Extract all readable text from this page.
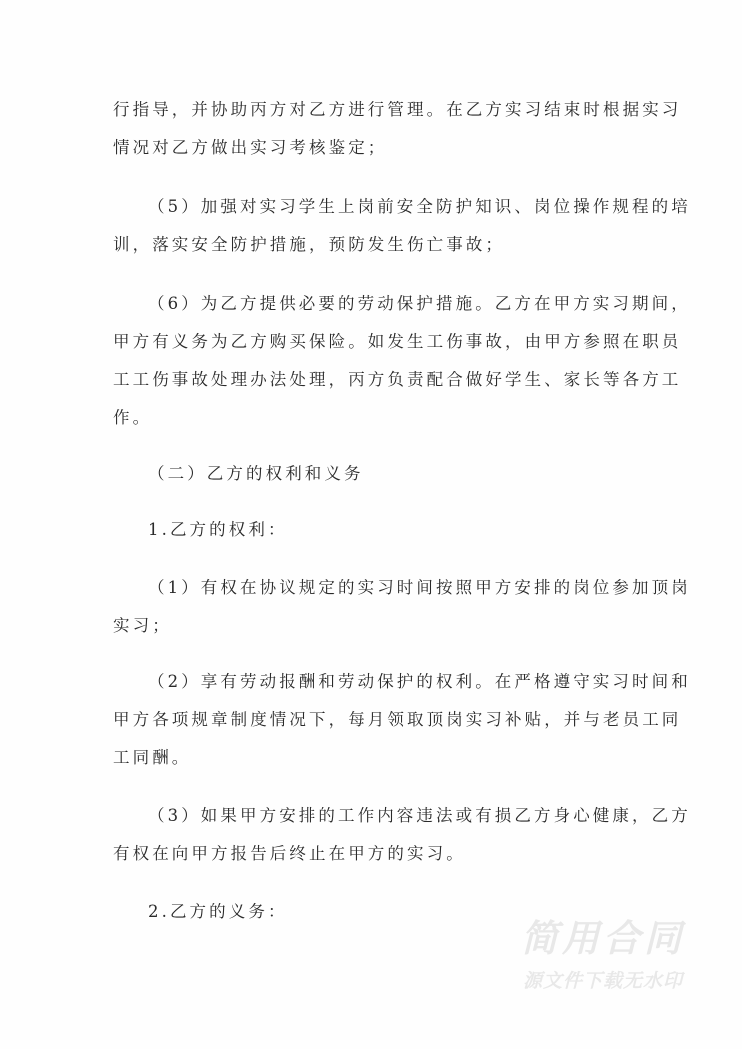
行指导，并协助丙方对乙方进行管理。在乙方实习结束时根据实习
情况对乙方做出实习考核鉴定；
（5）加强对实习学生上岗前安全防护知识、岗位操作规程的培
训，落实安全防护措施，预防发生伤亡事故；
（6）为乙方提供必要的劳动保护措施。乙方在甲方实习期间，
甲方有义务为乙方购买保险。如发生工伤事故，由甲方参照在职员
工工伤事故处理办法处理，丙方负责配合做好学生、家长等各方工
作。
（二）乙方的权利和义务
1.乙方的权利：
（1）有权在协议规定的实习时间按照甲方安排的岗位参加顶岗
实习；
（2）享有劳动报酬和劳动保护的权利。在严格遵守实习时间和
甲方各项规章制度情况下，每月领取顶岗实习补贴，并与老员工同
工同酬。
（3）如果甲方安排的工作内容违法或有损乙方身心健康，乙方
有权在向甲方报告后终止在甲方的实习。
2.乙方的义务：
简用合同
源文件下载无水印
